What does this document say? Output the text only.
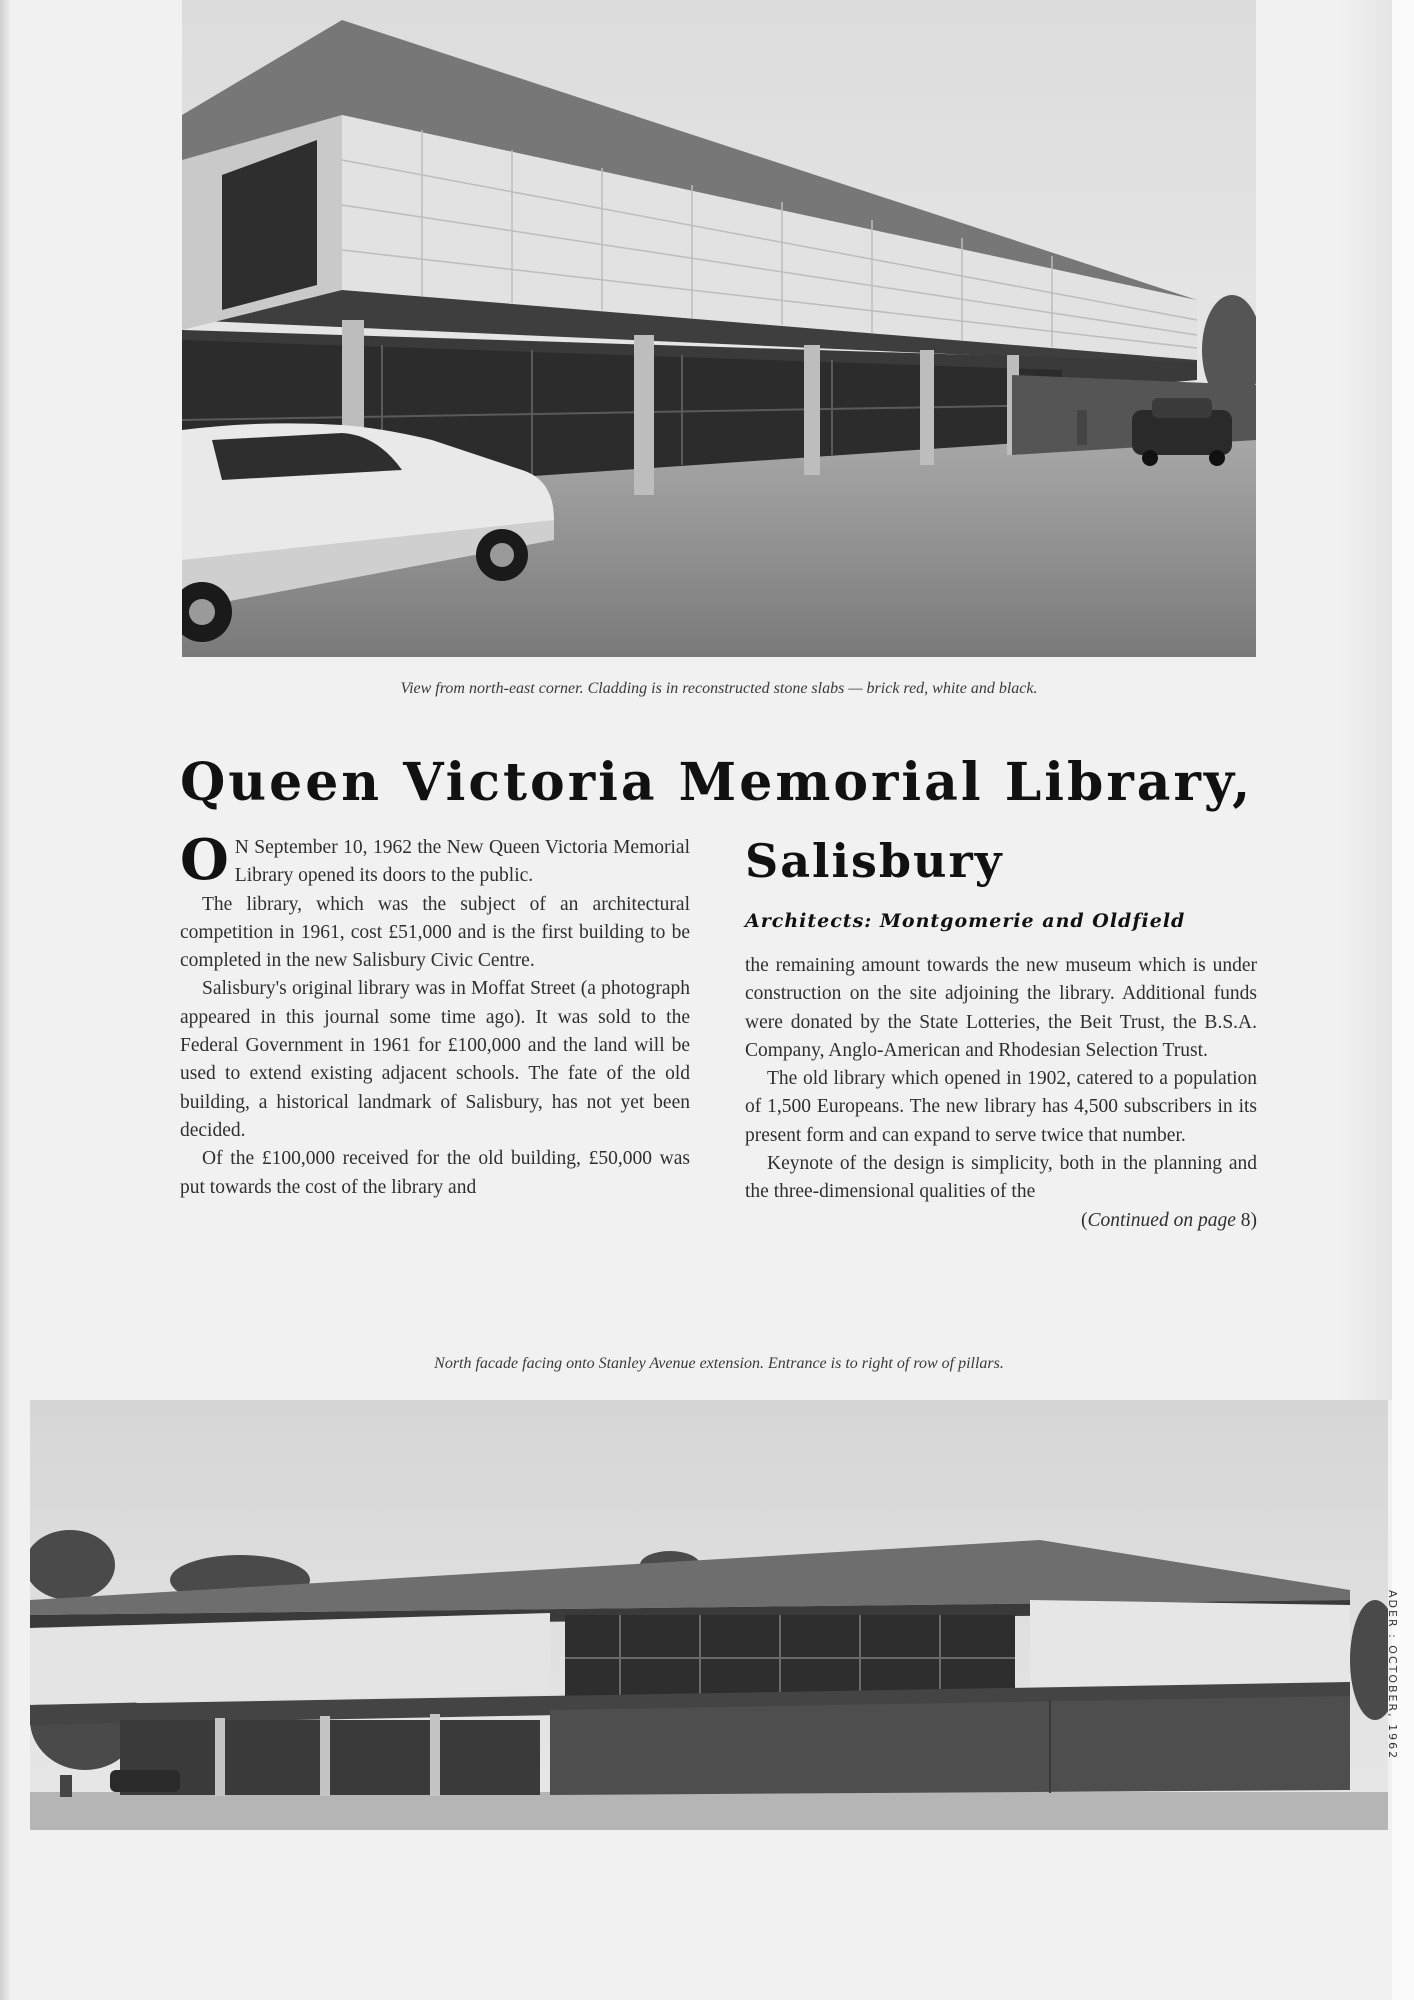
View from north-east corner. Cladding is in reconstructed stone slabs — brick red, white and black.
Queen Victoria Memorial Library,
Salisbury
Architects: Montgomerie and Oldfield

O N September 10, 1962 the New Queen Victoria Memorial Library opened its doors to the public.

The library, which was the subject of an architectural competition in 1961, cost £51,000 and is the first building to be completed in the new Salisbury Civic Centre.

Salisbury's original library was in Moffat Street (a photograph appeared in this journal some time ago). It was sold to the Federal Government in 1961 for £100,000 and the land will be used to extend existing adjacent schools. The fate of the old building, a historical landmark of Salisbury, has not yet been decided.

Of the £100,000 received for the old building, £50,000 was put towards the cost of the library and

the remaining amount towards the new museum which is under construction on the site adjoining the library. Additional funds were donated by the State Lotteries, the Beit Trust, the B.S.A. Company, Anglo-American and Rhodesian Selection Trust.

The old library which opened in 1902, catered to a population of 1,500 Europeans. The new library has 4,500 subscribers in its present form and can expand to serve twice that number.

Keynote of the design is simplicity, both in the planning and the three-dimensional qualities of the

(Continued on page 8)

North facade facing onto Stanley Avenue extension. Entrance is to right of row of pillars.
ADER : OCTOBER, 1962
